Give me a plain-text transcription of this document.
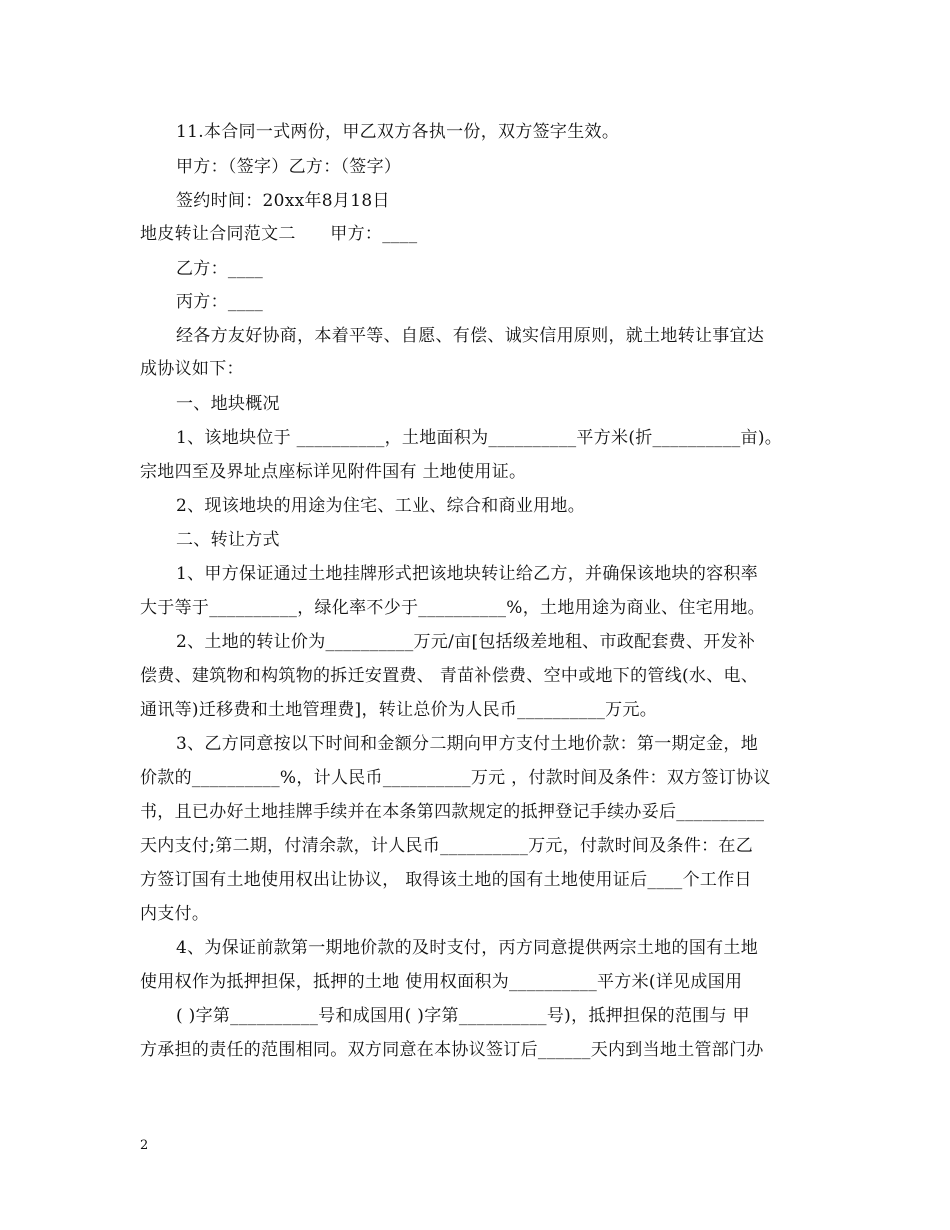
11.本合同一式两份，甲乙双方各执一份，双方签字生效。
甲方：（签字）乙方：（签字）
签约时间：20xx年8月18日
地皮转让合同范文二　　甲方：____
乙方：____
丙方：____
经各方友好协商，本着平等、自愿、有偿、诚实信用原则，就土地转让事宜达
成协议如下：
一、地块概况
1、该地块位于 __________，土地面积为__________平方米(折__________亩)。
宗地四至及界址点座标详见附件国有 土地使用证。
2、现该地块的用途为住宅、工业、综合和商业用地。
二、转让方式
1、甲方保证通过土地挂牌形式把该地块转让给乙方，并确保该地块的容积率
大于等于__________，绿化率不少于__________%，土地用途为商业、住宅用地。
2、土地的转让价为__________万元/亩[包括级差地租、市政配套费、开发补
偿费、建筑物和构筑物的拆迁安置费、 青苗补偿费、空中或地下的管线(水、电、
通讯等)迁移费和土地管理费]，转让总价为人民币__________万元。
3、乙方同意按以下时间和金额分二期向甲方支付土地价款：第一期定金，地
价款的__________%，计人民币__________万元 ，付款时间及条件：双方签订协议
书，且已办好土地挂牌手续并在本条第四款规定的抵押登记手续办妥后__________
天内支付;第二期，付清余款，计人民币__________万元，付款时间及条件：在乙
方签订国有土地使用权出让协议， 取得该土地的国有土地使用证后____个工作日
内支付。
4、为保证前款第一期地价款的及时支付，丙方同意提供两宗土地的国有土地
使用权作为抵押担保，抵押的土地 使用权面积为__________平方米(详见成国用
( )字第__________号和成国用( )字第__________号)，抵押担保的范围与 甲
方承担的责任的范围相同。双方同意在本协议签订后______天内到当地土管部门办
2
